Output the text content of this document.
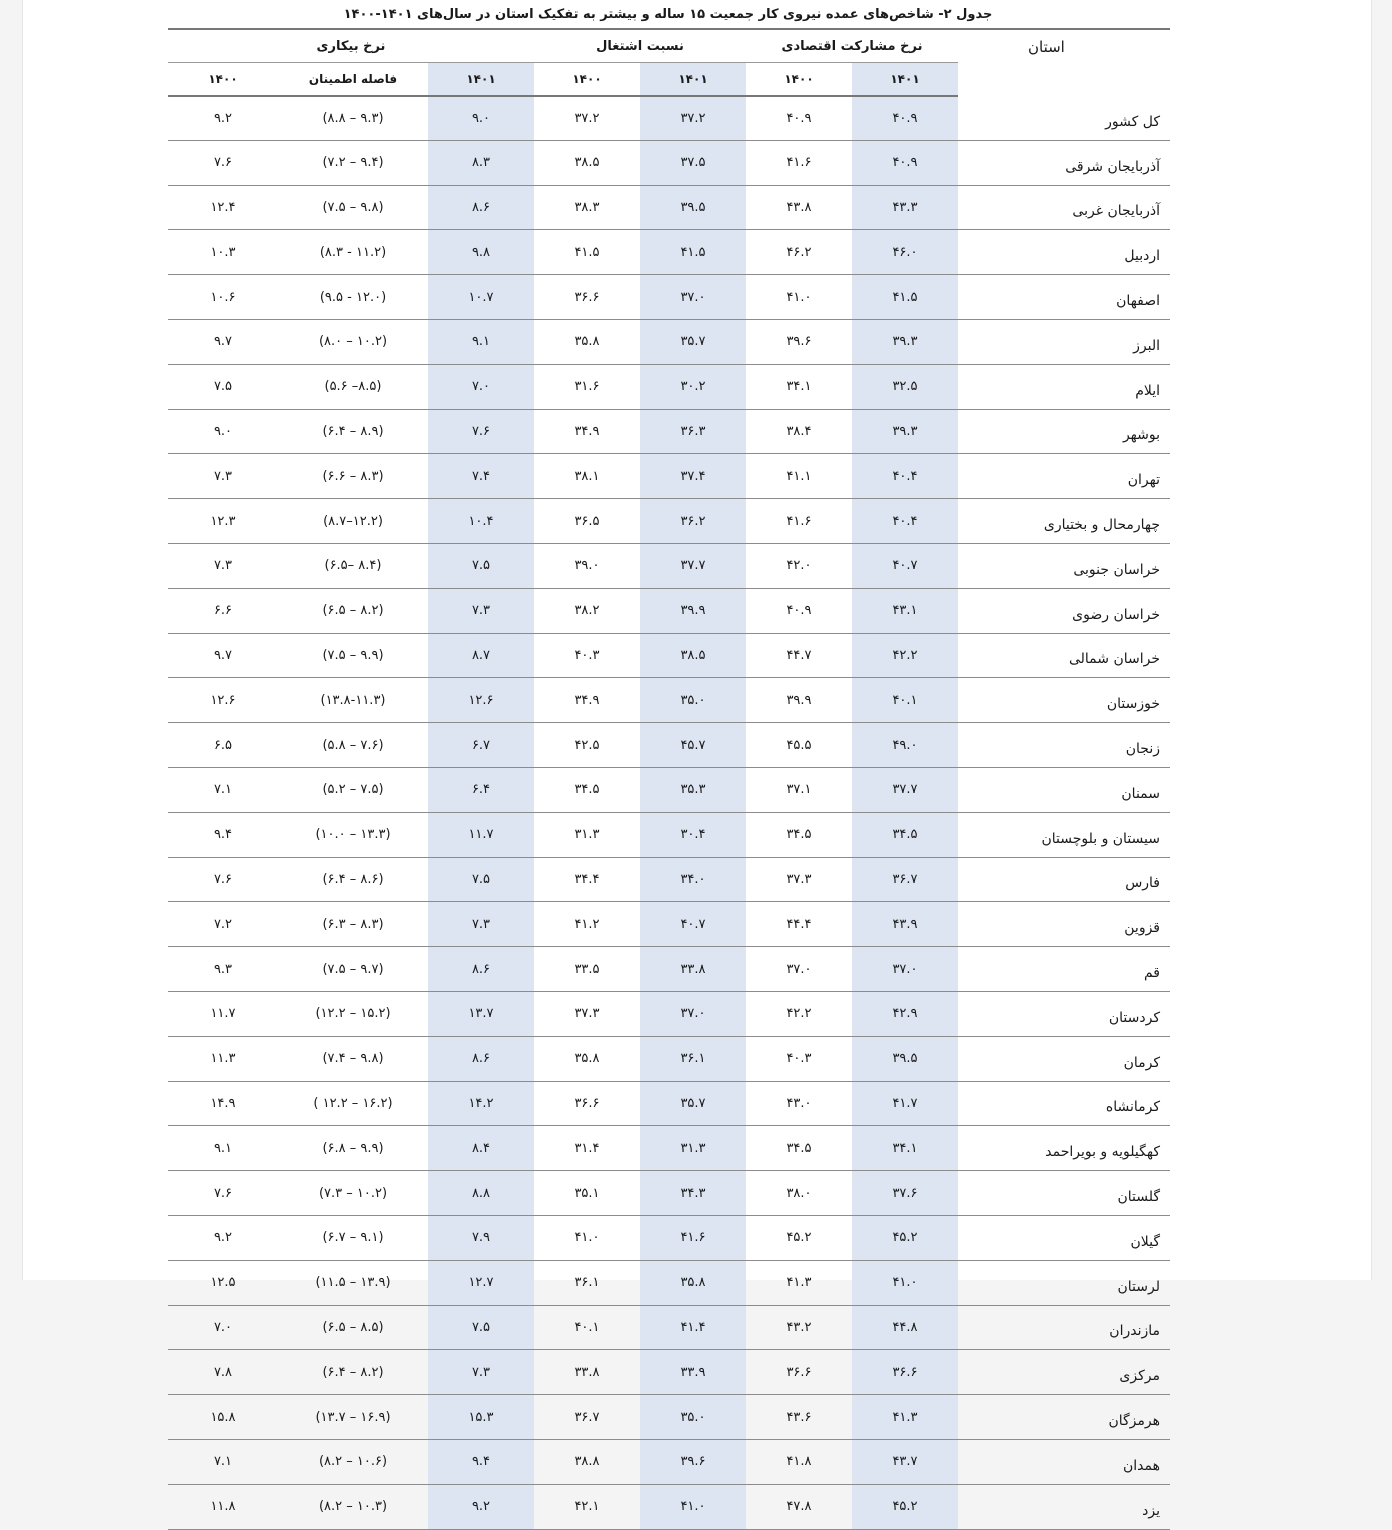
جدول ۲- شاخص‌های عمده نیروی کار جمعیت ۱۵ ساله و بیشتر به تفکیک استان در سال‌های ۱۴۰۱-۱۴۰۰
استان	نرخ مشارکت اقتصادی		نسبت اشتغال		نرخ بیکاری		
	۱۴۰۱	۱۴۰۰	۱۴۰۱	۱۴۰۰	۱۴۰۱	فاصله اطمینان	۱۴۰۰
کل کشور	۴۰.۹	۴۰.۹	۳۷.۲	۳۷.۲	۹.۰	(۸.۸ – ۹.۳)	۹.۲
آذربایجان شرقی	۴۰.۹	۴۱.۶	۳۷.۵	۳۸.۵	۸.۳	(۷.۲ – ۹.۴)	۷.۶
آذربایجان غربی	۴۳.۳	۴۳.۸	۳۹.۵	۳۸.۳	۸.۶	(۷.۵ – ۹.۸)	۱۲.۴
اردبیل	۴۶.۰	۴۶.۲	۴۱.۵	۴۱.۵	۹.۸	(۸.۳ - ۱۱.۲)	۱۰.۳
اصفهان	۴۱.۵	۴۱.۰	۳۷.۰	۳۶.۶	۱۰.۷	(۹.۵ - ۱۲.۰)	۱۰.۶
البرز	۳۹.۳	۳۹.۶	۳۵.۷	۳۵.۸	۹.۱	(۸.۰ – ۱۰.۲)	۹.۷
ایلام	۳۲.۵	۳۴.۱	۳۰.۲	۳۱.۶	۷.۰	(۵.۶ –۸.۵)	۷.۵
بوشهر	۳۹.۳	۳۸.۴	۳۶.۳	۳۴.۹	۷.۶	(۶.۴ – ۸.۹)	۹.۰
تهران	۴۰.۴	۴۱.۱	۳۷.۴	۳۸.۱	۷.۴	(۶.۶ – ۸.۳)	۷.۳
چهارمحال و بختیاری	۴۰.۴	۴۱.۶	۳۶.۲	۳۶.۵	۱۰.۴	(۸.۷–۱۲.۲)	۱۲.۳
خراسان جنوبی	۴۰.۷	۴۲.۰	۳۷.۷	۳۹.۰	۷.۵	(۶.۵– ۸.۴)	۷.۳
خراسان رضوی	۴۳.۱	۴۰.۹	۳۹.۹	۳۸.۲	۷.۳	(۶.۵ – ۸.۲)	۶.۶
خراسان شمالی	۴۲.۲	۴۴.۷	۳۸.۵	۴۰.۳	۸.۷	(۷.۵ – ۹.۹)	۹.۷
خوزستان	۴۰.۱	۳۹.۹	۳۵.۰	۳۴.۹	۱۲.۶	(۱۳.۸-۱۱.۳)	۱۲.۶
زنجان	۴۹.۰	۴۵.۵	۴۵.۷	۴۲.۵	۶.۷	(۵.۸ – ۷.۶)	۶.۵
سمنان	۳۷.۷	۳۷.۱	۳۵.۳	۳۴.۵	۶.۴	(۵.۲ – ۷.۵)	۷.۱
سیستان و بلوچستان	۳۴.۵	۳۴.۵	۳۰.۴	۳۱.۳	۱۱.۷	(۱۰.۰ – ۱۳.۳)	۹.۴
فارس	۳۶.۷	۳۷.۳	۳۴.۰	۳۴.۴	۷.۵	(۶.۴ – ۸.۶)	۷.۶
قزوین	۴۳.۹	۴۴.۴	۴۰.۷	۴۱.۲	۷.۳	(۶.۳ – ۸.۳)	۷.۲
قم	۳۷.۰	۳۷.۰	۳۳.۸	۳۳.۵	۸.۶	(۷.۵ – ۹.۷)	۹.۳
کردستان	۴۲.۹	۴۲.۲	۳۷.۰	۳۷.۳	۱۳.۷	(۱۲.۲ – ۱۵.۲)	۱۱.۷
کرمان	۳۹.۵	۴۰.۳	۳۶.۱	۳۵.۸	۸.۶	(۷.۴ – ۹.۸)	۱۱.۳
کرمانشاه	۴۱.۷	۴۳.۰	۳۵.۷	۳۶.۶	۱۴.۲	( ۱۲.۲ – ۱۶.۲)	۱۴.۹
کهگیلویه و بویراحمد	۳۴.۱	۳۴.۵	۳۱.۳	۳۱.۴	۸.۴	(۶.۸ – ۹.۹)	۹.۱
گلستان	۳۷.۶	۳۸.۰	۳۴.۳	۳۵.۱	۸.۸	(۷.۳ – ۱۰.۲)	۷.۶
گیلان	۴۵.۲	۴۵.۲	۴۱.۶	۴۱.۰	۷.۹	(۶.۷ – ۹.۱)	۹.۲
لرستان	۴۱.۰	۴۱.۳	۳۵.۸	۳۶.۱	۱۲.۷	(۱۱.۵ – ۱۳.۹)	۱۲.۵
مازندران	۴۴.۸	۴۳.۲	۴۱.۴	۴۰.۱	۷.۵	(۶.۵ – ۸.۵)	۷.۰
مرکزی	۳۶.۶	۳۶.۶	۳۳.۹	۳۳.۸	۷.۳	(۶.۴ – ۸.۲)	۷.۸
هرمزگان	۴۱.۳	۴۳.۶	۳۵.۰	۳۶.۷	۱۵.۳	(۱۳.۷ – ۱۶.۹)	۱۵.۸
همدان	۴۳.۷	۴۱.۸	۳۹.۶	۳۸.۸	۹.۴	(۸.۲ – ۱۰.۶)	۷.۱
یزد	۴۵.۲	۴۷.۸	۴۱.۰	۴۲.۱	۹.۲	(۸.۲ – ۱۰.۳)	۱۱.۸
